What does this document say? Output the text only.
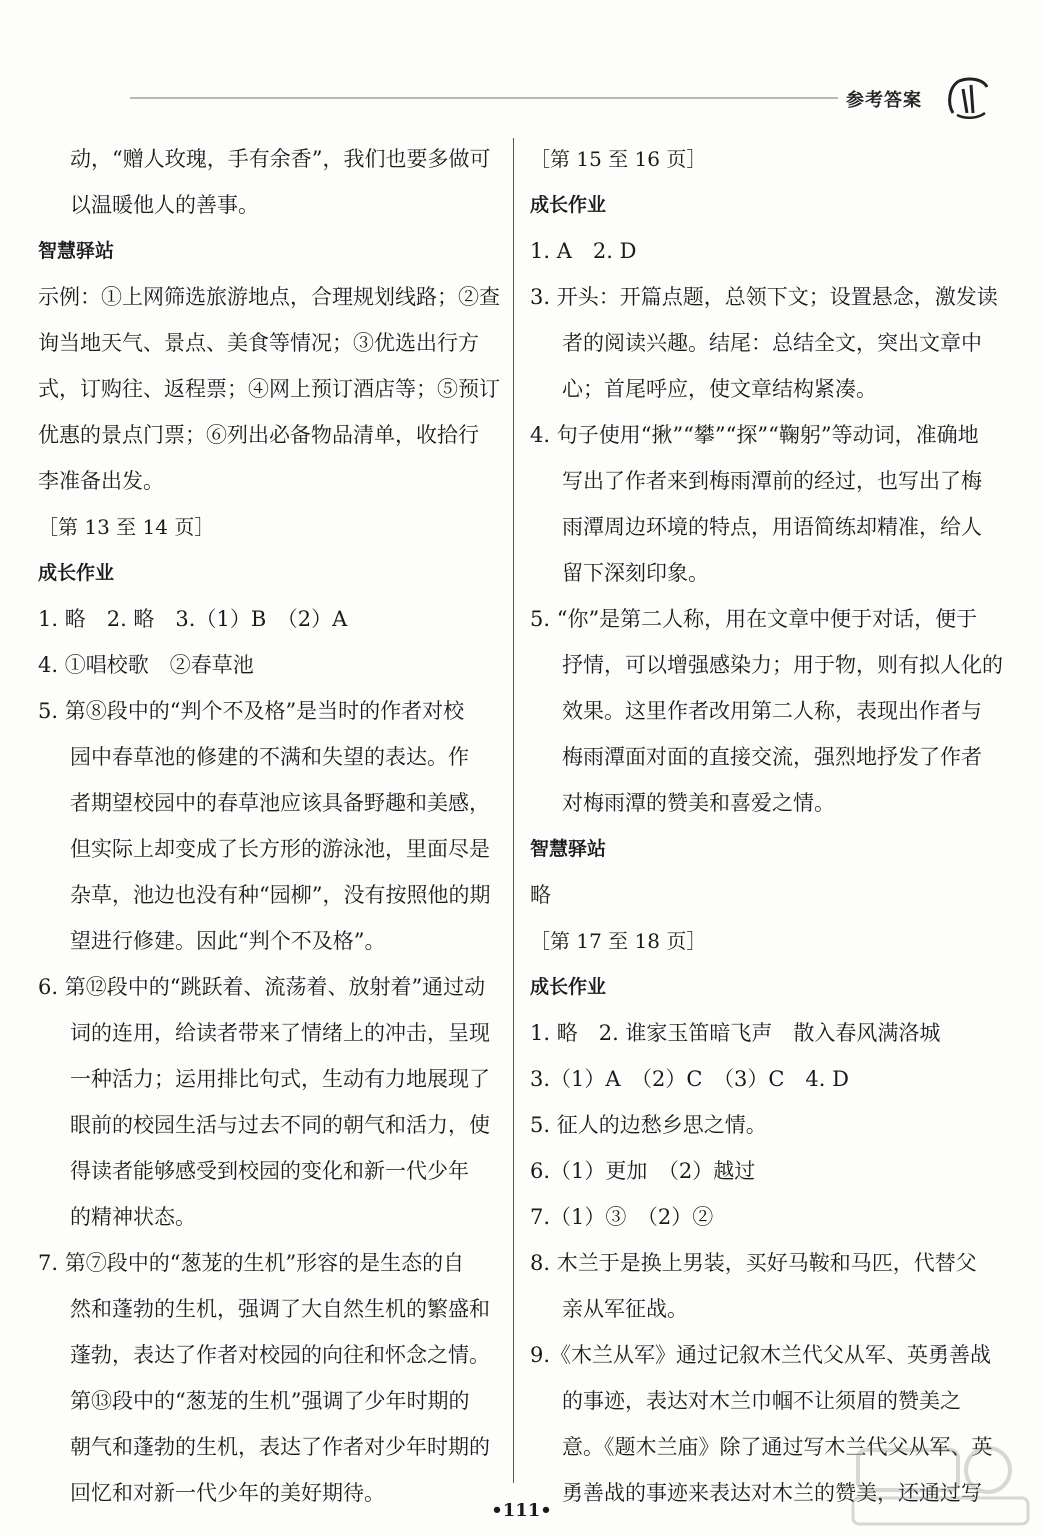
参考答案
动，“赠人玫瑰，手有余香”，我们也要多做可
以温暖他人的善事。
智慧驿站
示例：①上网筛选旅游地点，合理规划线路；②查
询当地天气、景点、美食等情况；③优选出行方
式，订购往、返程票；④网上预订酒店等；⑤预订
优惠的景点门票；⑥列出必备物品清单，收拾行
李准备出发。
［第 13 至 14 页］
成长作业
1. 略　2. 略　3.（1）B　（2）A
4. ①唱校歌　②春草池
5. 第⑧段中的“判个不及格”是当时的作者对校
园中春草池的修建的不满和失望的表达。作
者期望校园中的春草池应该具备野趣和美感，
但实际上却变成了长方形的游泳池，里面尽是
杂草，池边也没有种“园柳”，没有按照他的期
望进行修建。因此“判个不及格”。
6. 第⑫段中的“跳跃着、流荡着、放射着”通过动
词的连用，给读者带来了情绪上的冲击，呈现
一种活力；运用排比句式，生动有力地展现了
眼前的校园生活与过去不同的朝气和活力，使
得读者能够感受到校园的变化和新一代少年
的精神状态。
7. 第⑦段中的“葱茏的生机”形容的是生态的自
然和蓬勃的生机，强调了大自然生机的繁盛和
蓬勃，表达了作者对校园的向往和怀念之情。
第⑬段中的“葱茏的生机”强调了少年时期的
朝气和蓬勃的生机，表达了作者对少年时期的
回忆和对新一代少年的美好期待。
［第 15 至 16 页］
成长作业
1. A　2. D
3. 开头：开篇点题，总领下文；设置悬念，激发读
者的阅读兴趣。结尾：总结全文，突出文章中
心；首尾呼应，使文章结构紧凑。
4. 句子使用“揪”“攀”“探”“鞠躬”等动词，准确地
写出了作者来到梅雨潭前的经过，也写出了梅
雨潭周边环境的特点，用语简练却精准，给人
留下深刻印象。
5. “你”是第二人称，用在文章中便于对话，便于
抒情，可以增强感染力；用于物，则有拟人化的
效果。这里作者改用第二人称，表现出作者与
梅雨潭面对面的直接交流，强烈地抒发了作者
对梅雨潭的赞美和喜爱之情。
智慧驿站
略
［第 17 至 18 页］
成长作业
1. 略　2. 谁家玉笛暗飞声　散入春风满洛城
3.（1）A　（2）C　（3）C　4. D
5. 征人的边愁乡思之情。
6.（1）更加　（2）越过
7.（1）③　（2）②
8. 木兰于是换上男装，买好马鞍和马匹，代替父
亲从军征战。
9.《木兰从军》通过记叙木兰代父从军、英勇善战
的事迹，表达对木兰巾帼不让须眉的赞美之
意。《题木兰庙》除了通过写木兰代父从军、英
勇善战的事迹来表达对木兰的赞美，还通过写
•111•
